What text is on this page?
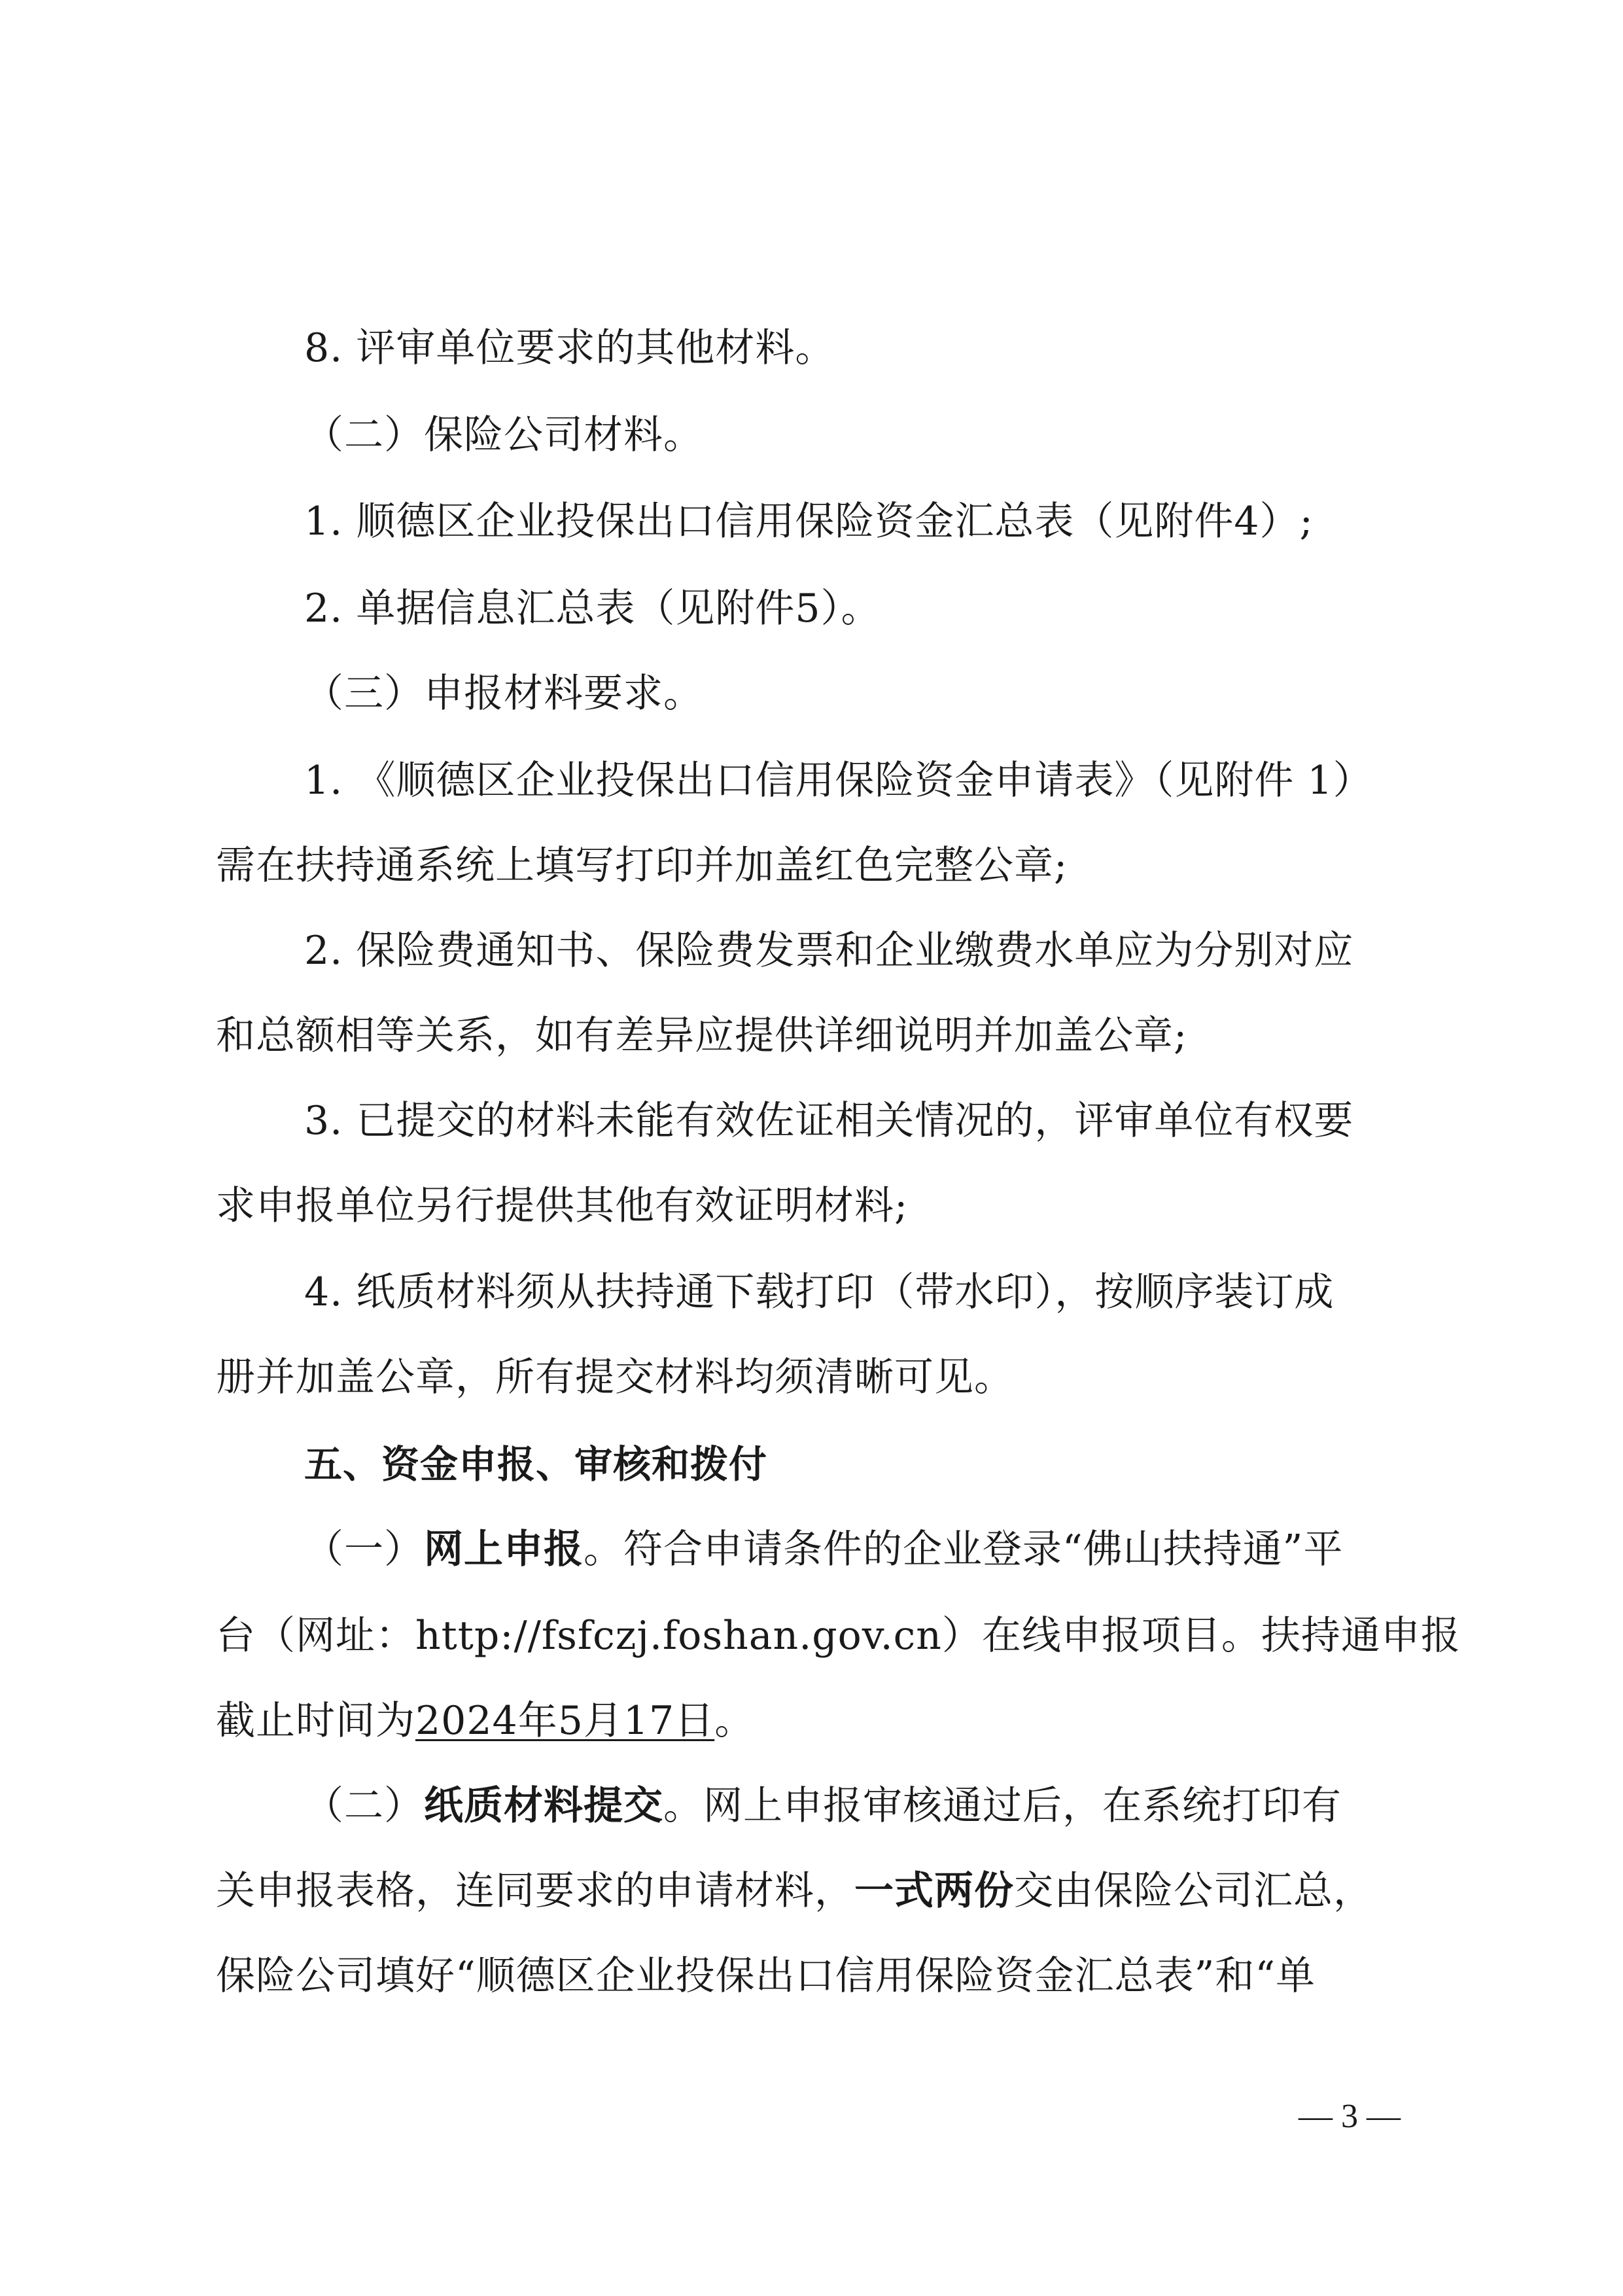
8. 评审单位要求的其他材料。
（二）保险公司材料。
1. 顺德区企业投保出口信用保险资金汇总表（见附件4）;
2. 单据信息汇总表（见附件5）。
（三）申报材料要求。
1. 《顺德区企业投保出口信用保险资金申请表》（见附件 1）
需在扶持通系统上填写打印并加盖红色完整公章;
2. 保险费通知书、保险费发票和企业缴费水单应为分别对应
和总额相等关系，如有差异应提供详细说明并加盖公章;
3. 已提交的材料未能有效佐证相关情况的，评审单位有权要
求申报单位另行提供其他有效证明材料;
4. 纸质材料须从扶持通下载打印（带水印），按顺序装订成
册并加盖公章，所有提交材料均须清晰可见。
五、资金申报、审核和拨付
（一）网上申报。符合申请条件的企业登录“佛山扶持通”平
台（网址：http://fsfczj.foshan.gov.cn）在线申报项目。扶持通申报
截止时间为2024年5月17日。
（二）纸质材料提交。网上申报审核通过后，在系统打印有
关申报表格，连同要求的申请材料，一式两份交由保险公司汇总，
保险公司填好“顺德区企业投保出口信用保险资金汇总表”和“单
— 3 —
